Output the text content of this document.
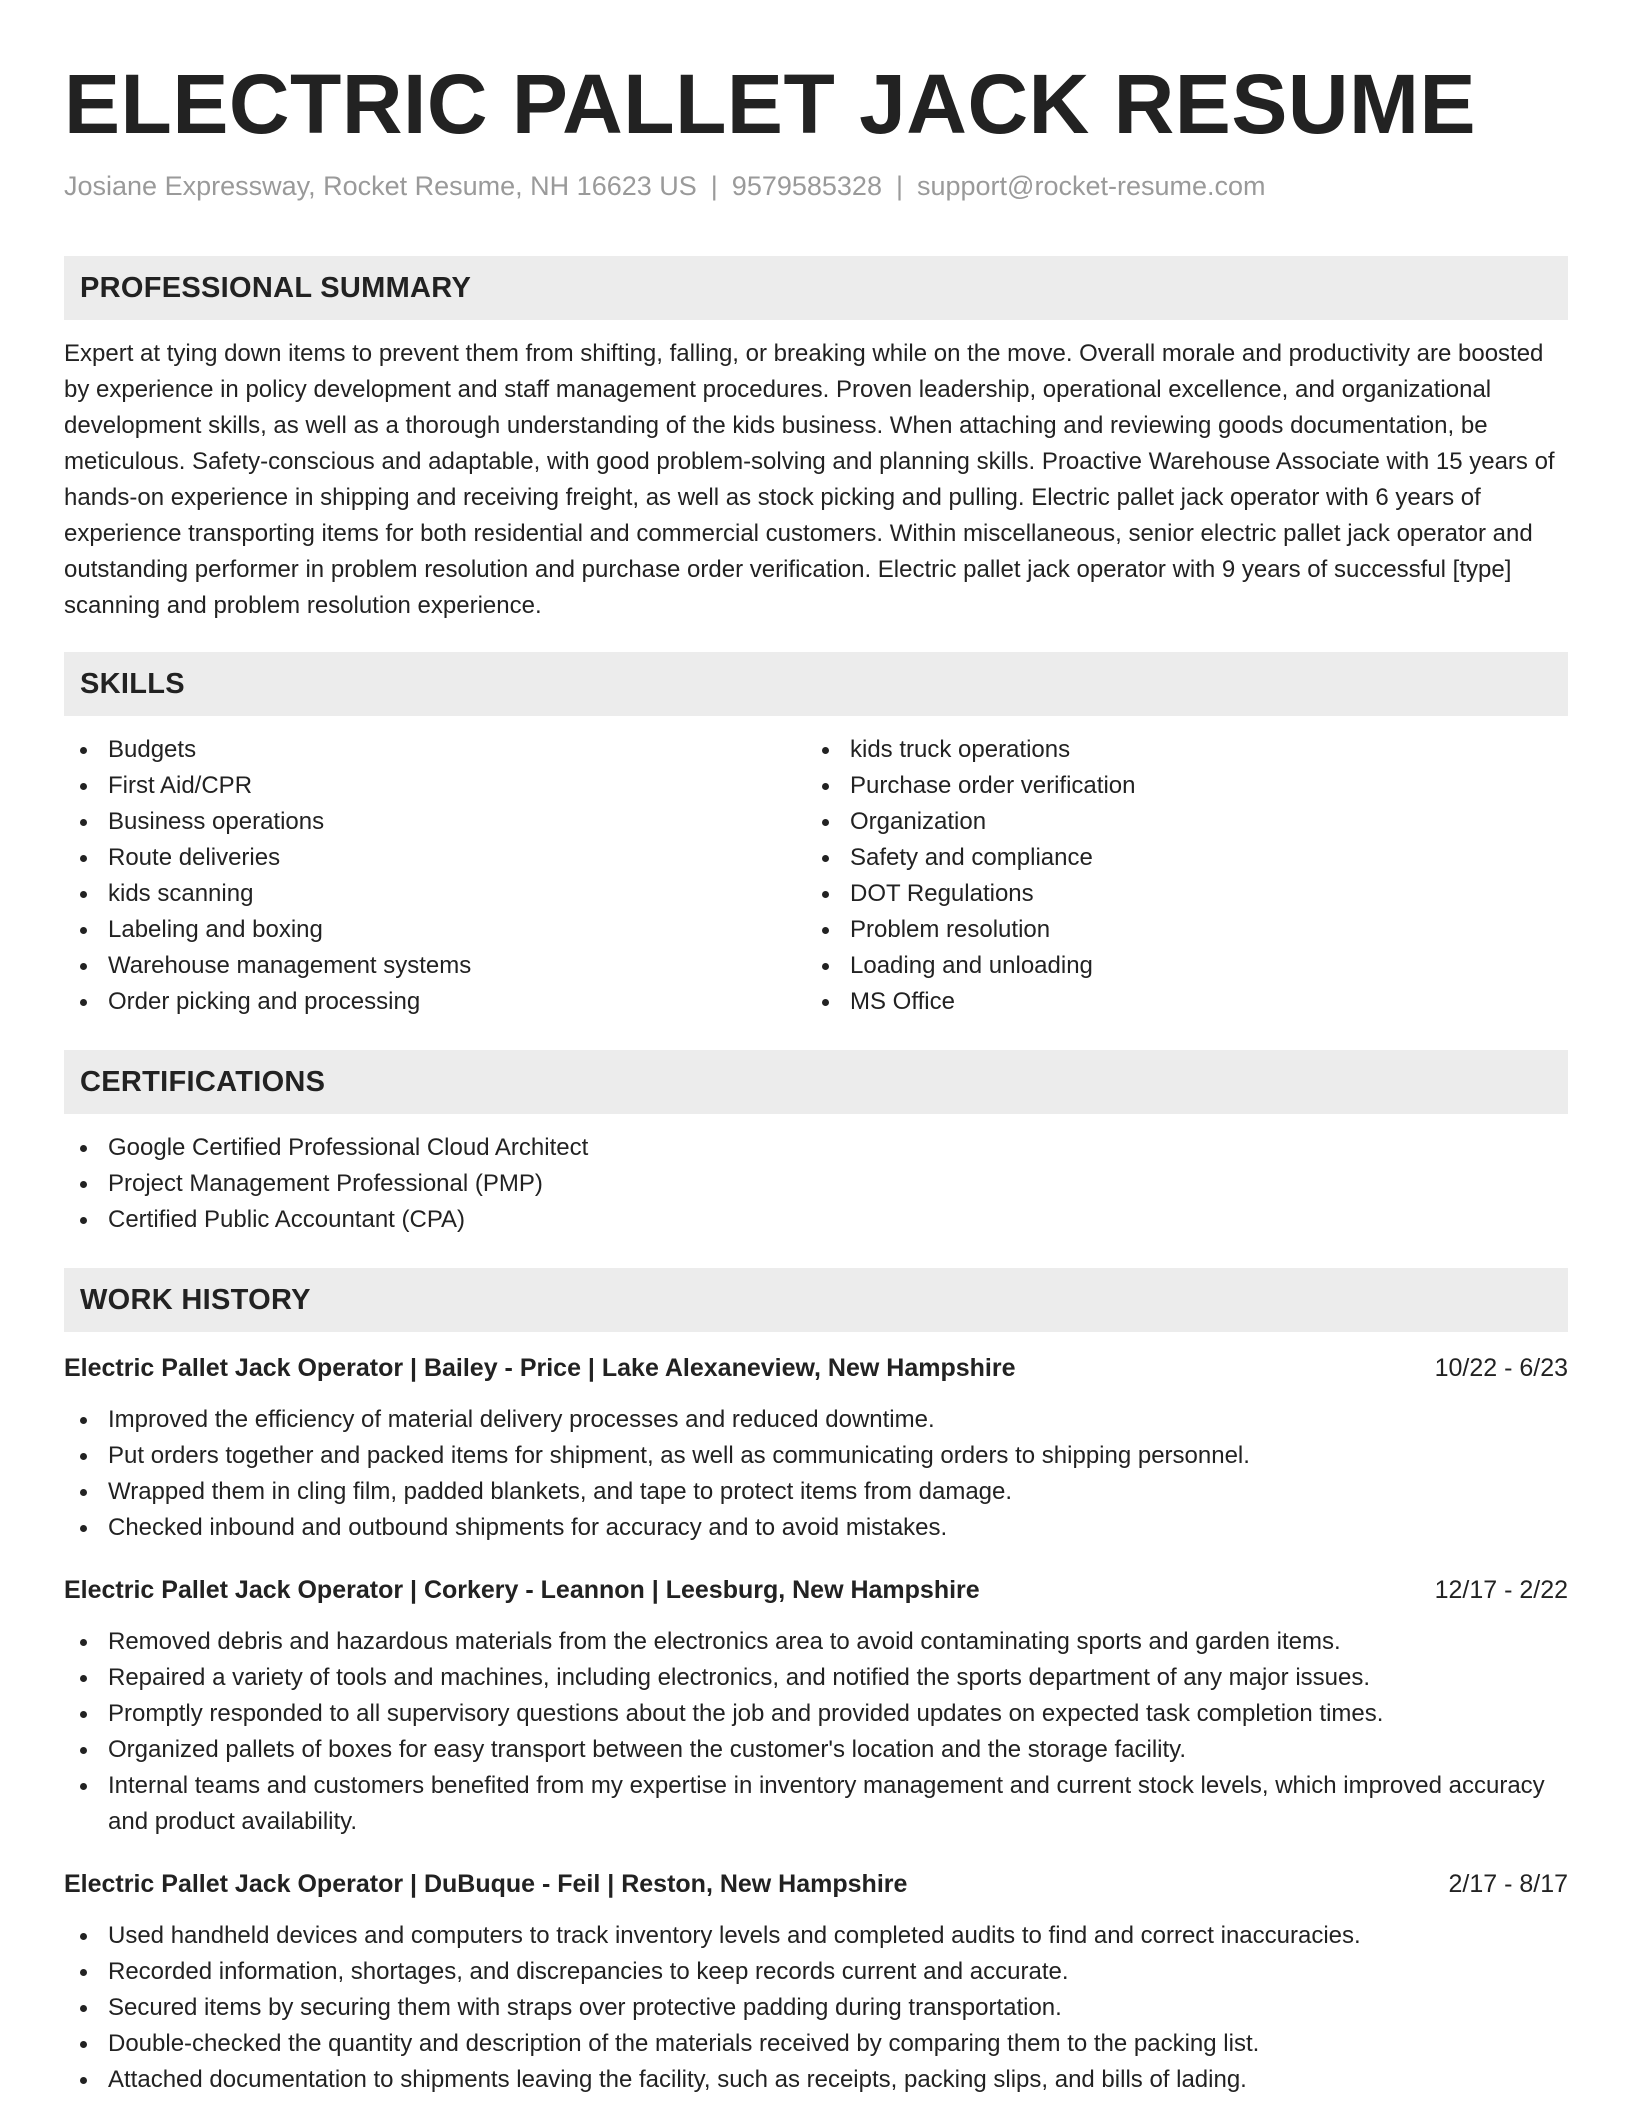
ELECTRIC PALLET JACK RESUME
Josiane Expressway, Rocket Resume, NH 16623 US | 9579585328 | support@rocket-resume.com
PROFESSIONAL SUMMARY
Expert at tying down items to prevent them from shifting, falling, or breaking while on the move. Overall morale and productivity are boosted by experience in policy development and staff management procedures. Proven leadership, operational excellence, and organizational development skills, as well as a thorough understanding of the kids business. When attaching and reviewing goods documentation, be meticulous. Safety-conscious and adaptable, with good problem-solving and planning skills. Proactive Warehouse Associate with 15 years of hands-on experience in shipping and receiving freight, as well as stock picking and pulling. Electric pallet jack operator with 6 years of experience transporting items for both residential and commercial customers. Within miscellaneous, senior electric pallet jack operator and outstanding performer in problem resolution and purchase order verification. Electric pallet jack operator with 9 years of successful [type] scanning and problem resolution experience.
SKILLS
Budgets
First Aid/CPR
Business operations
Route deliveries
kids scanning
Labeling and boxing
Warehouse management systems
Order picking and processing
kids truck operations
Purchase order verification
Organization
Safety and compliance
DOT Regulations
Problem resolution
Loading and unloading
MS Office
CERTIFICATIONS
Google Certified Professional Cloud Architect
Project Management Professional (PMP)
Certified Public Accountant (CPA)
WORK HISTORY
Electric Pallet Jack Operator | Bailey - Price | Lake Alexaneview, New Hampshire	10/22 - 6/23
Improved the efficiency of material delivery processes and reduced downtime.
Put orders together and packed items for shipment, as well as communicating orders to shipping personnel.
Wrapped them in cling film, padded blankets, and tape to protect items from damage.
Checked inbound and outbound shipments for accuracy and to avoid mistakes.
Electric Pallet Jack Operator | Corkery - Leannon | Leesburg, New Hampshire	12/17 - 2/22
Removed debris and hazardous materials from the electronics area to avoid contaminating sports and garden items.
Repaired a variety of tools and machines, including electronics, and notified the sports department of any major issues.
Promptly responded to all supervisory questions about the job and provided updates on expected task completion times.
Organized pallets of boxes for easy transport between the customer's location and the storage facility.
Internal teams and customers benefited from my expertise in inventory management and current stock levels, which improved accuracy and product availability.
Electric Pallet Jack Operator | DuBuque - Feil | Reston, New Hampshire	2/17 - 8/17
Used handheld devices and computers to track inventory levels and completed audits to find and correct inaccuracies.
Recorded information, shortages, and discrepancies to keep records current and accurate.
Secured items by securing them with straps over protective padding during transportation.
Double-checked the quantity and description of the materials received by comparing them to the packing list.
Attached documentation to shipments leaving the facility, such as receipts, packing slips, and bills of lading.
